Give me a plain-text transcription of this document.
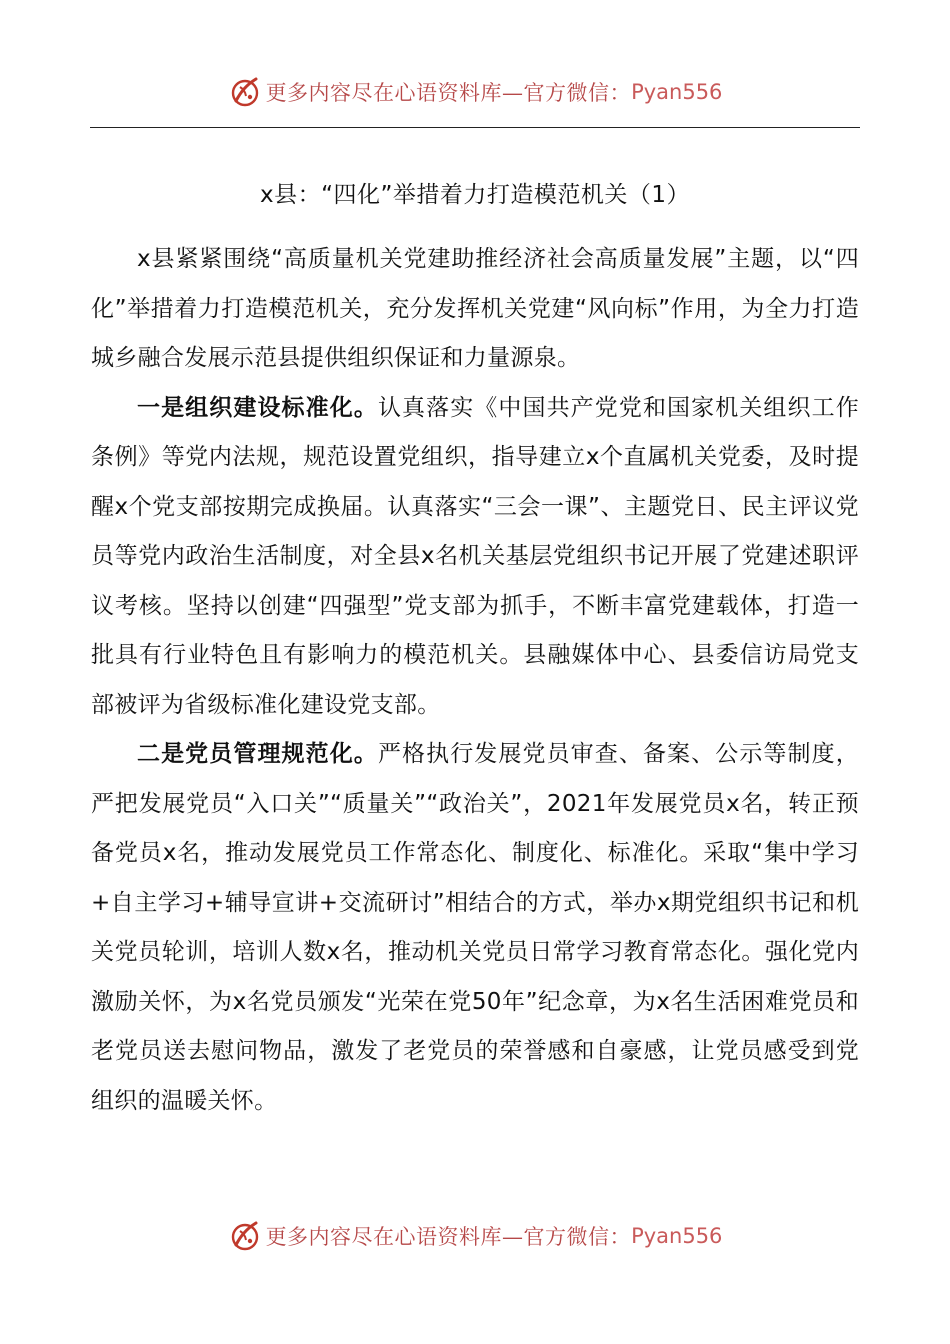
更多内容尽在心语资料库—官方微信： Pyan556
x县：“四化”举措着力打造模范机关（1）

x县紧紧围绕“高质量机关党建助推经济社会高质量发展”主题，以“四化”举措着力打造模范机关，充分发挥机关党建“风向标”作用，为全力打造城乡融合发展示范县提供组织保证和力量源泉。

一是组织建设标准化。认真落实《中国共产党党和国家机关组织工作条例》等党内法规，规范设置党组织，指导建立x个直属机关党委，及时提醒x个党支部按期完成换届。认真落实“三会一课”、主题党日、民主评议党员等党内政治生活制度，对全县x名机关基层党组织书记开展了党建述职评议考核。坚持以创建“四强型”党支部为抓手，不断丰富党建载体，打造一批具有行业特色且有影响力的模范机关。县融媒体中心、县委信访局党支部被评为省级标准化建设党支部。

二是党员管理规范化。严格执行发展党员审查、备案、公示等制度，严把发展党员“入口关”“质量关”“政治关”，2021年发展党员x名，转正预备党员x名，推动发展党员工作常态化、制度化、标准化。采取“集中学习+自主学习+辅导宣讲+交流研讨”相结合的方式，举办x期党组织书记和机关党员轮训，培训人数x名，推动机关党员日常学习教育常态化。强化党内激励关怀，为x名党员颁发“光荣在党50年”纪念章，为x名生活困难党员和老党员送去慰问物品，激发了老党员的荣誉感和自豪感，让党员感受到党组织的温暖关怀。

更多内容尽在心语资料库—官方微信： Pyan556
